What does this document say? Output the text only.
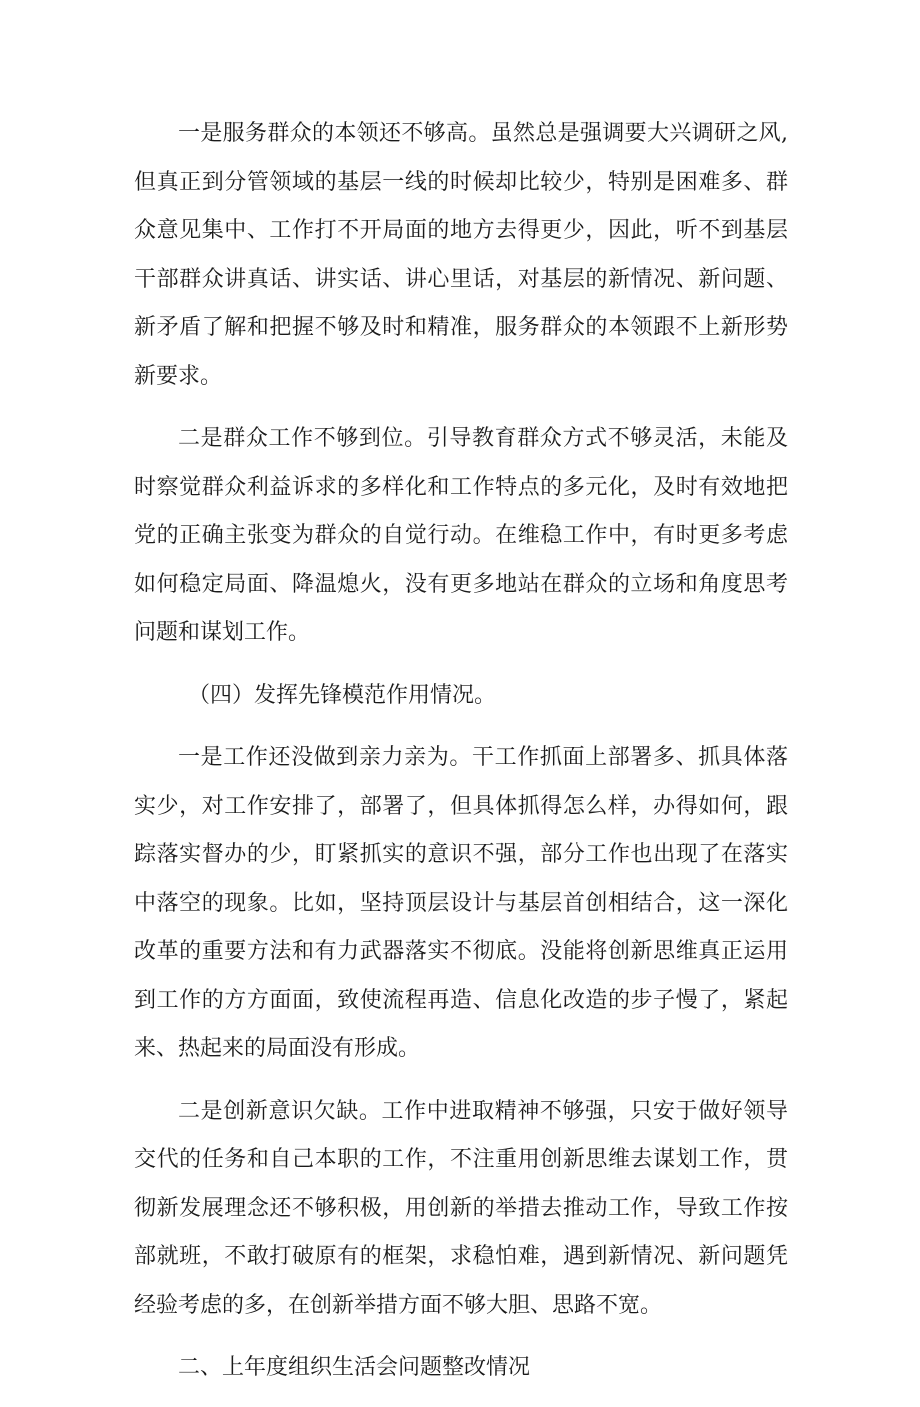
一是服务群众的本领还不够高。虽然总是强调要大兴调研之风,但真正到分管领域的基层一线的时候却比较少，特别是困难多、群众意见集中、工作打不开局面的地方去得更少，因此，听不到基层干部群众讲真话、讲实话、讲心里话，对基层的新情况、新问题、新矛盾了解和把握不够及时和精准，服务群众的本领跟不上新形势新要求。

二是群众工作不够到位。引导教育群众方式不够灵活，未能及时察觉群众利益诉求的多样化和工作特点的多元化，及时有效地把党的正确主张变为群众的自觉行动。在维稳工作中，有时更多考虑如何稳定局面、降温熄火，没有更多地站在群众的立场和角度思考问题和谋划工作。

（四）发挥先锋模范作用情况。

一是工作还没做到亲力亲为。干工作抓面上部署多、抓具体落实少，对工作安排了，部署了，但具体抓得怎么样，办得如何，跟踪落实督办的少，盯紧抓实的意识不强，部分工作也出现了在落实中落空的现象。比如，坚持顶层设计与基层首创相结合，这一深化改革的重要方法和有力武器落实不彻底。没能将创新思维真正运用到工作的方方面面，致使流程再造、信息化改造的步子慢了，紧起来、热起来的局面没有形成。

二是创新意识欠缺。工作中进取精神不够强，只安于做好领导交代的任务和自己本职的工作，不注重用创新思维去谋划工作，贯彻新发展理念还不够积极，用创新的举措去推动工作，导致工作按部就班，不敢打破原有的框架，求稳怕难，遇到新情况、新问题凭经验考虑的多，在创新举措方面不够大胆、思路不宽。

二、上年度组织生活会问题整改情况
